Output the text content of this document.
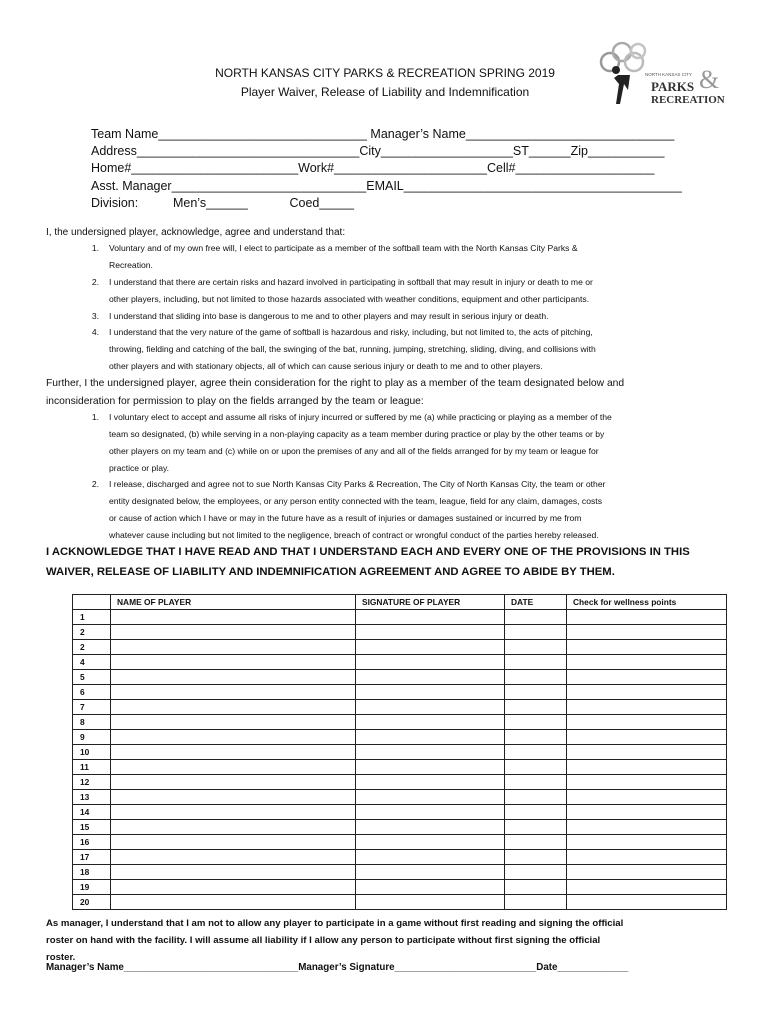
NORTH KANSAS CITY
PARKS &
RECREATION
NORTH KANSAS CITY PARKS & RECREATION SPRING 2019
Player Waiver, Release of Liability and Indemnification
Team Name______________________________ Manager’s Name______________________________
Address________________________________City___________________ST______Zip___________
Home#________________________Work#______________________Cell#____________________
Asst. Manager____________________________EMAIL________________________________________
Division:          Men’s______            Coed_____
I, the undersigned player, acknowledge, agree and understand that:
1. Voluntary and of my own free will, I elect to participate as a member of the softball team with the North Kansas City Parks &
Recreation.
2. I understand that there are certain risks and hazard involved in participating in softball that may result in injury or death to me or
other players, including, but not limited to those hazards associated with weather conditions, equipment and other participants.
3. I understand that sliding into base is dangerous to me and to other players and may result in serious injury or death.
4. I understand that the very nature of the game of softball is hazardous and risky, including, but not limited to, the acts of pitching,
throwing, fielding and catching of the ball, the swinging of the bat, running, jumping, stretching, sliding, diving, and collisions with
other players and with stationary objects, all of which can cause serious injury or death to me and to other players.
Further, I the undersigned player, agree thein consideration for the right to play as a member of the team designated below and
inconsideration for permission to play on the fields arranged by the team or league:
1. I voluntary elect to accept and assume all risks of injury incurred or suffered by me (a) while practicing or playing as a member of the
team so designated, (b) while serving in a non-playing capacity as a team member during practice or play by the other teams or by
other players on my team and (c) while on or upon the premises of any and all of the fields arranged for by my team or league for
practice or play.
2. I release, discharged and agree not to sue North Kansas City Parks & Recreation, The City of North Kansas City, the team or other
entity designated below, the employees, or any person entity connected with the team, league, field for any claim, damages, costs
or cause of action which I have or may in the future have as a result of injuries or damages sustained or incurred by me from
whatever cause including but not limited to the negligence, breach of contract or wrongful conduct of the parties hereby released.
I ACKNOWLEDGE THAT I HAVE READ AND THAT I UNDERSTAND EACH AND EVERY ONE OF THE PROVISIONS IN THIS
WAIVER, RELEASE OF LIABILITY AND INDEMNIFICATION AGREEMENT AND AGREE TO ABIDE BY THEM.
	NAME OF PLAYER	SIGNATURE OF PLAYER	DATE	Check for wellness points
1				
2				
2				
4				
5				
6				
7				
8				
9				
10				
11				
12				
13				
14				
15				
16				
17				
18				
19				
20				
As manager, I understand that I am not to allow any player to participate in a game without first reading and signing the official
roster on hand with the facility. I will assume all liability if I allow any person to participate without first signing the official
roster.
Manager’s Name________________________________Manager’s Signature__________________________Date_____________
